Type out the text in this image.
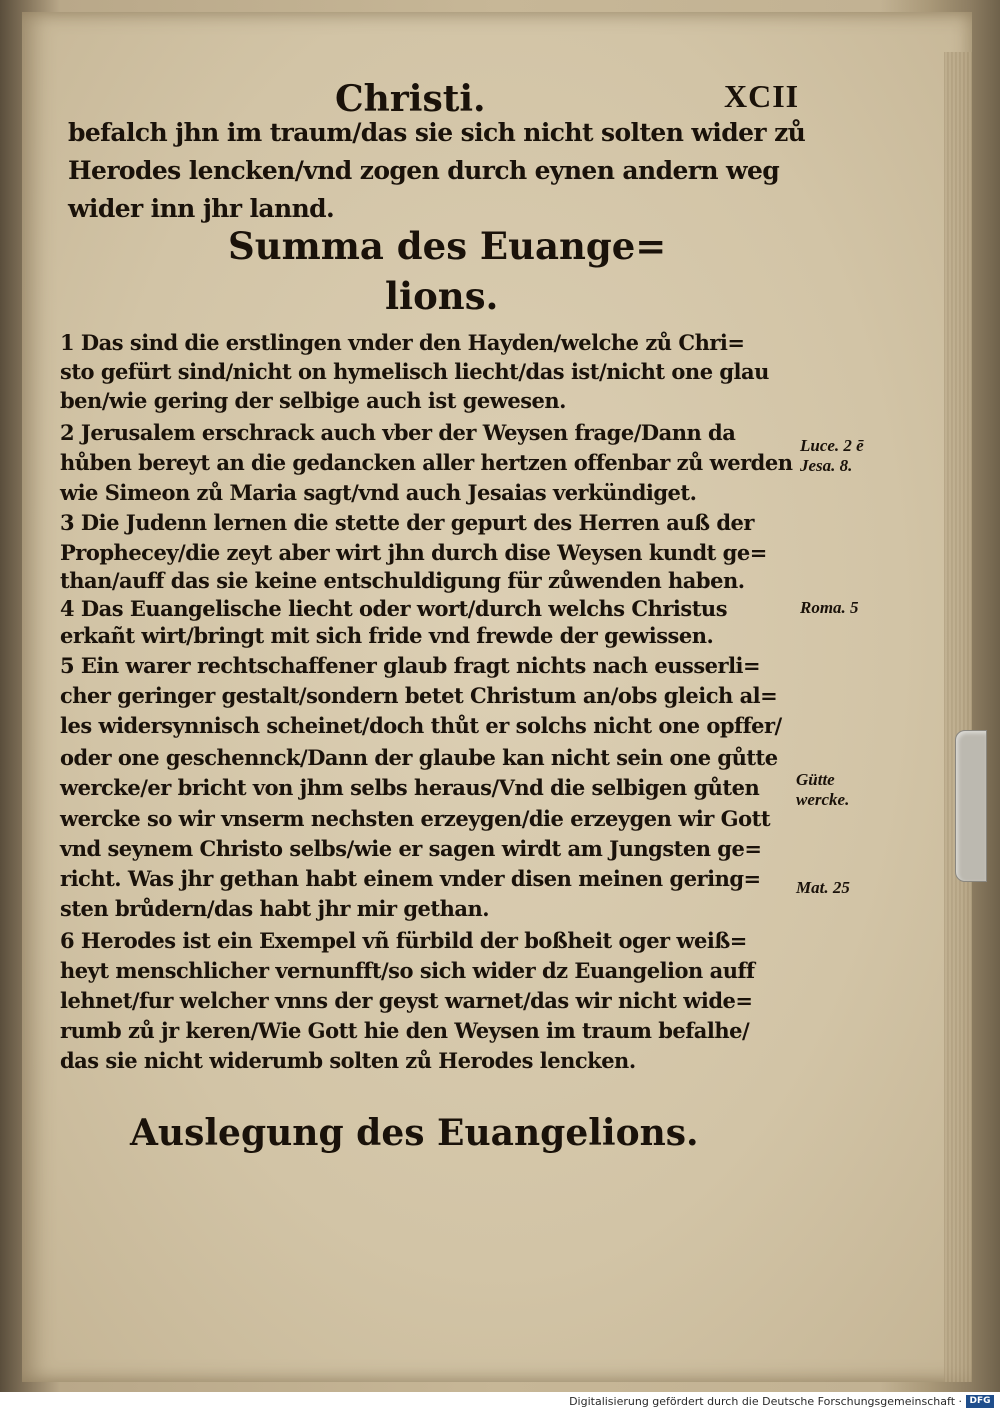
Christi.	XCII
befalch jhn im traum/das sie sich nicht solten wider zů
Herodes lencken/vnd zogen durch eynen andern weg
wider inn jhr lannd.
Summa des Euange=
lions.
1 Das sind die erstlingen vnder den Hayden/welche zů Chri=
sto gefürt sind/nicht on hymelisch liecht/das ist/nicht one glau
ben/wie gering der selbige auch ist gewesen.
2 Jerusalem erschrack auch vber der Weysen frage/Dann da
hůben bereyt an die gedancken aller hertzen offenbar zů werden
wie Simeon zů Maria sagt/vnd auch Jesaias verkündiget.
3 Die Judenn lernen die stette der gepurt des Herren auß der
Prophecey/die zeyt aber wirt jhn durch dise Weysen kundt ge=
than/auff das sie keine entschuldigung für zůwenden haben.
4 Das Euangelische liecht oder wort/durch welchs Christus
erkañt wirt/bringt mit sich fride vnd frewde der gewissen.
5 Ein warer rechtschaffener glaub fragt nichts nach eusserli=
cher geringer gestalt/sondern betet Christum an/obs gleich al=
les widersynnisch scheinet/doch thůt er solchs nicht one opffer/
oder one geschennck/Dann der glaube kan nicht sein one gůtte
wercke/er bricht von jhm selbs heraus/Vnd die selbigen gůten
wercke so wir vnserm nechsten erzeygen/die erzeygen wir Gott
vnd seynem Christo selbs/wie er sagen wirdt am Jungsten ge=
richt. Was jhr gethan habt einem vnder disen meinen gering=
sten brůdern/das habt jhr mir gethan.
6 Herodes ist ein Exempel vñ fürbild der boßheit oger weiß=
heyt menschlicher vernunfft/so sich wider dz Euangelion auff
lehnet/fur welcher vnns der geyst warnet/das wir nicht wide=
rumb zů jr keren/Wie Gott hie den Weysen im traum befalhe/
das sie nicht widerumb solten zů Herodes lencken.
Luce. 2 ē
Jesa. 8.
Roma. 5
Gütte
wercke.
Mat. 25
Auslegung des Euangelions.
Digitalisierung gefördert durch die Deutsche Forschungsgemeinschaft · DFG
